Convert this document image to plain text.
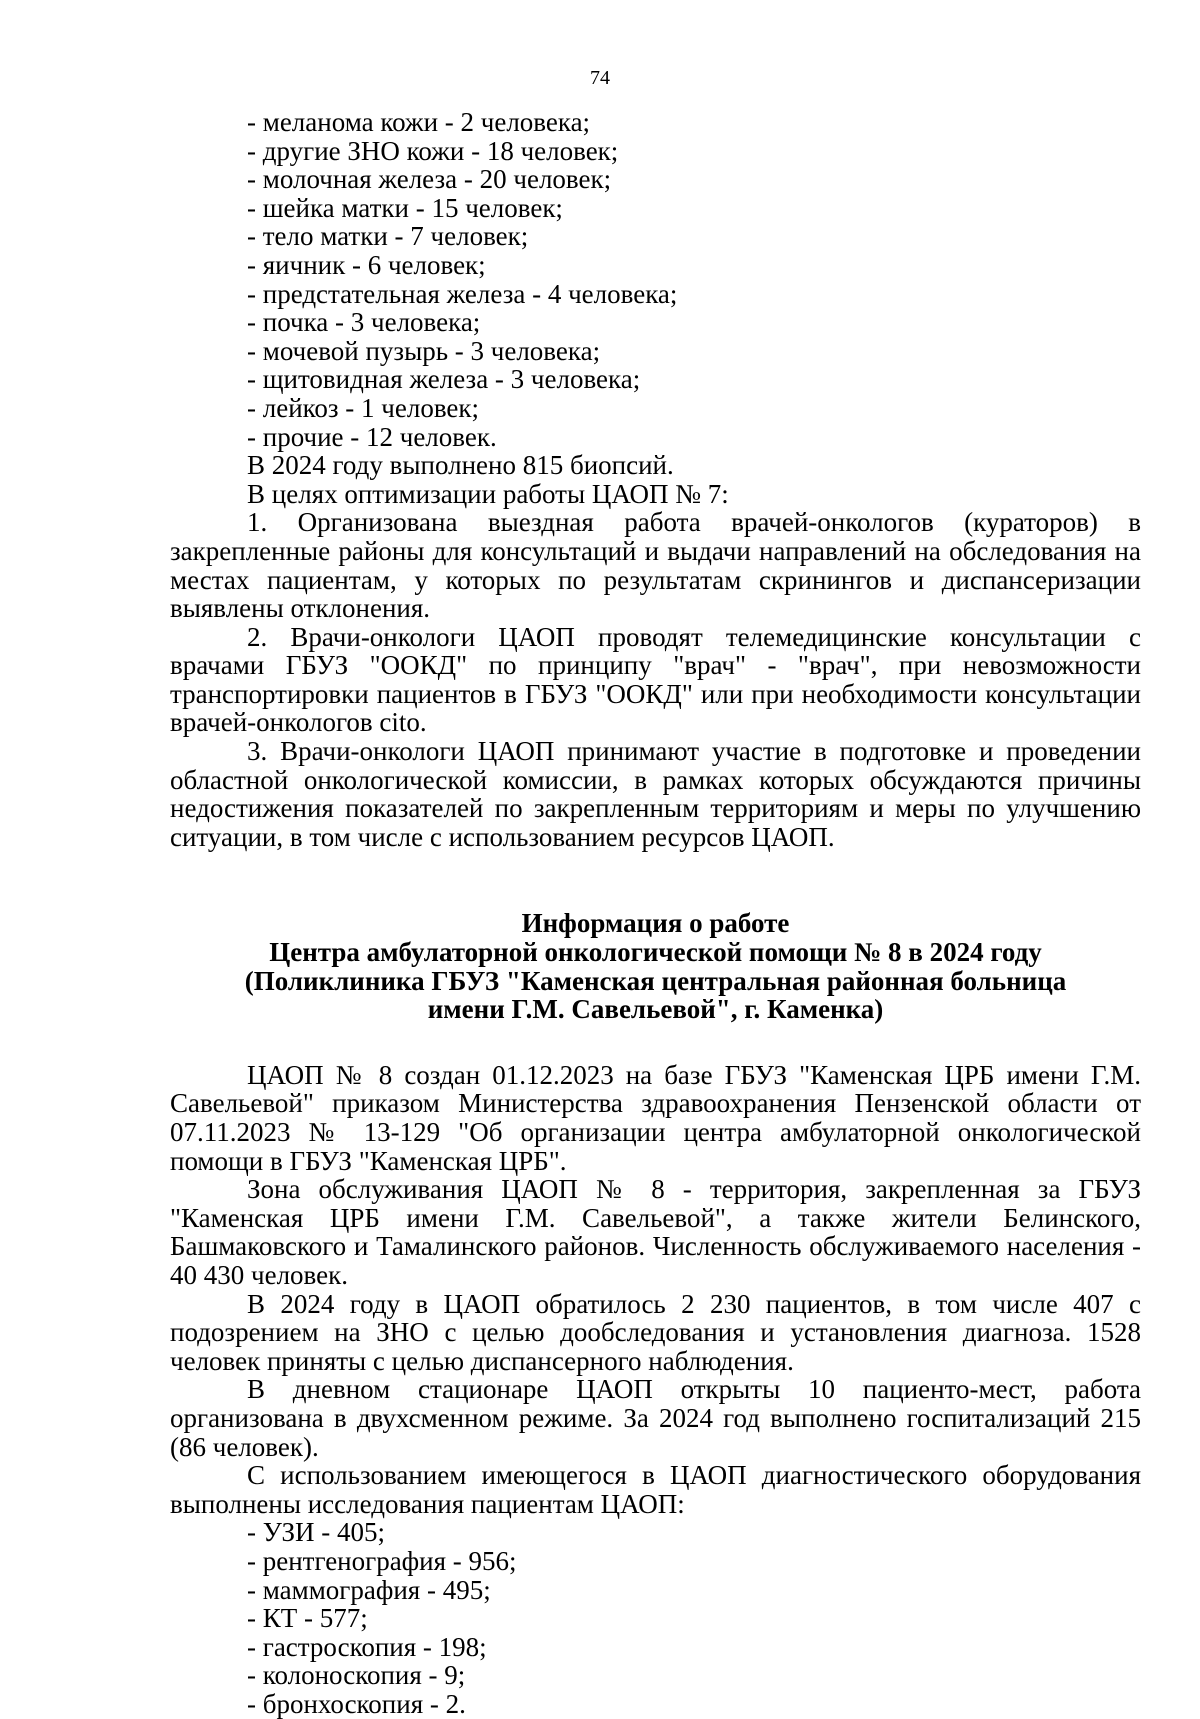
74
- меланома кожи - 2 человека;
- другие ЗНО кожи - 18 человек;
- молочная железа - 20 человек;
- шейка матки - 15 человек;
- тело матки - 7 человек;
- яичник - 6 человек;
- предстательная железа - 4 человека;
- почка - 3 человека;
- мочевой пузырь - 3 человека;
- щитовидная железа - 3 человека;
- лейкоз - 1 человек;
- прочие - 12 человек.

В 2024 году выполнено 815 биопсий.

В целях оптимизации работы ЦАОП № 7:

1. Организована выездная работа врачей-онкологов (кураторов) в закрепленные районы для консультаций и выдачи направлений на обследования на местах пациентам, у которых по результатам скринингов и диспансеризации выявлены отклонения.

2. Врачи-онкологи ЦАОП проводят телемедицинские консультации с врачами ГБУЗ "ООКД" по принципу "врач" - "врач", при невозможности транспортировки пациентов в ГБУЗ "ООКД" или при необходимости консультации врачей-онкологов cito.

3. Врачи-онкологи ЦАОП принимают участие в подготовке и проведении областной онкологической комиссии, в рамках которых обсуждаются причины недостижения показателей по закрепленным территориям и меры по улучшению ситуации, в том числе с использованием ресурсов ЦАОП.

Информация о работе
Центра амбулаторной онкологической помощи № 8 в 2024 году
(Поликлиника ГБУЗ "Каменская центральная районная больница
имени Г.М. Савельевой", г. Каменка)

ЦАОП № 8 создан 01.12.2023 на базе ГБУЗ "Каменская ЦРБ имени Г.М. Савельевой" приказом Министерства здравоохранения Пензенской области от 07.11.2023 № 13-129 "Об организации центра амбулаторной онкологической помощи в ГБУЗ "Каменская ЦРБ".

Зона обслуживания ЦАОП № 8 - территория, закрепленная за ГБУЗ "Каменская ЦРБ имени Г.М. Савельевой", а также жители Белинского, Башмаковского и Тамалинского районов. Численность обслуживаемого населения - 40 430 человек.

В 2024 году в ЦАОП обратилось 2 230 пациентов, в том числе 407 с подозрением на ЗНО с целью дообследования и установления диагноза. 1528 человек приняты с целью диспансерного наблюдения.

В дневном стационаре ЦАОП открыты 10 пациенто-мест, работа организована в двухсменном режиме. За 2024 год выполнено госпитализаций 215 (86 человек).

С использованием имеющегося в ЦАОП диагностического оборудования выполнены исследования пациентам ЦАОП:

- УЗИ - 405;
- рентгенография - 956;
- маммография - 495;
- КТ - 577;
- гастроскопия - 198;
- колоноскопия - 9;
- бронхоскопия - 2.
